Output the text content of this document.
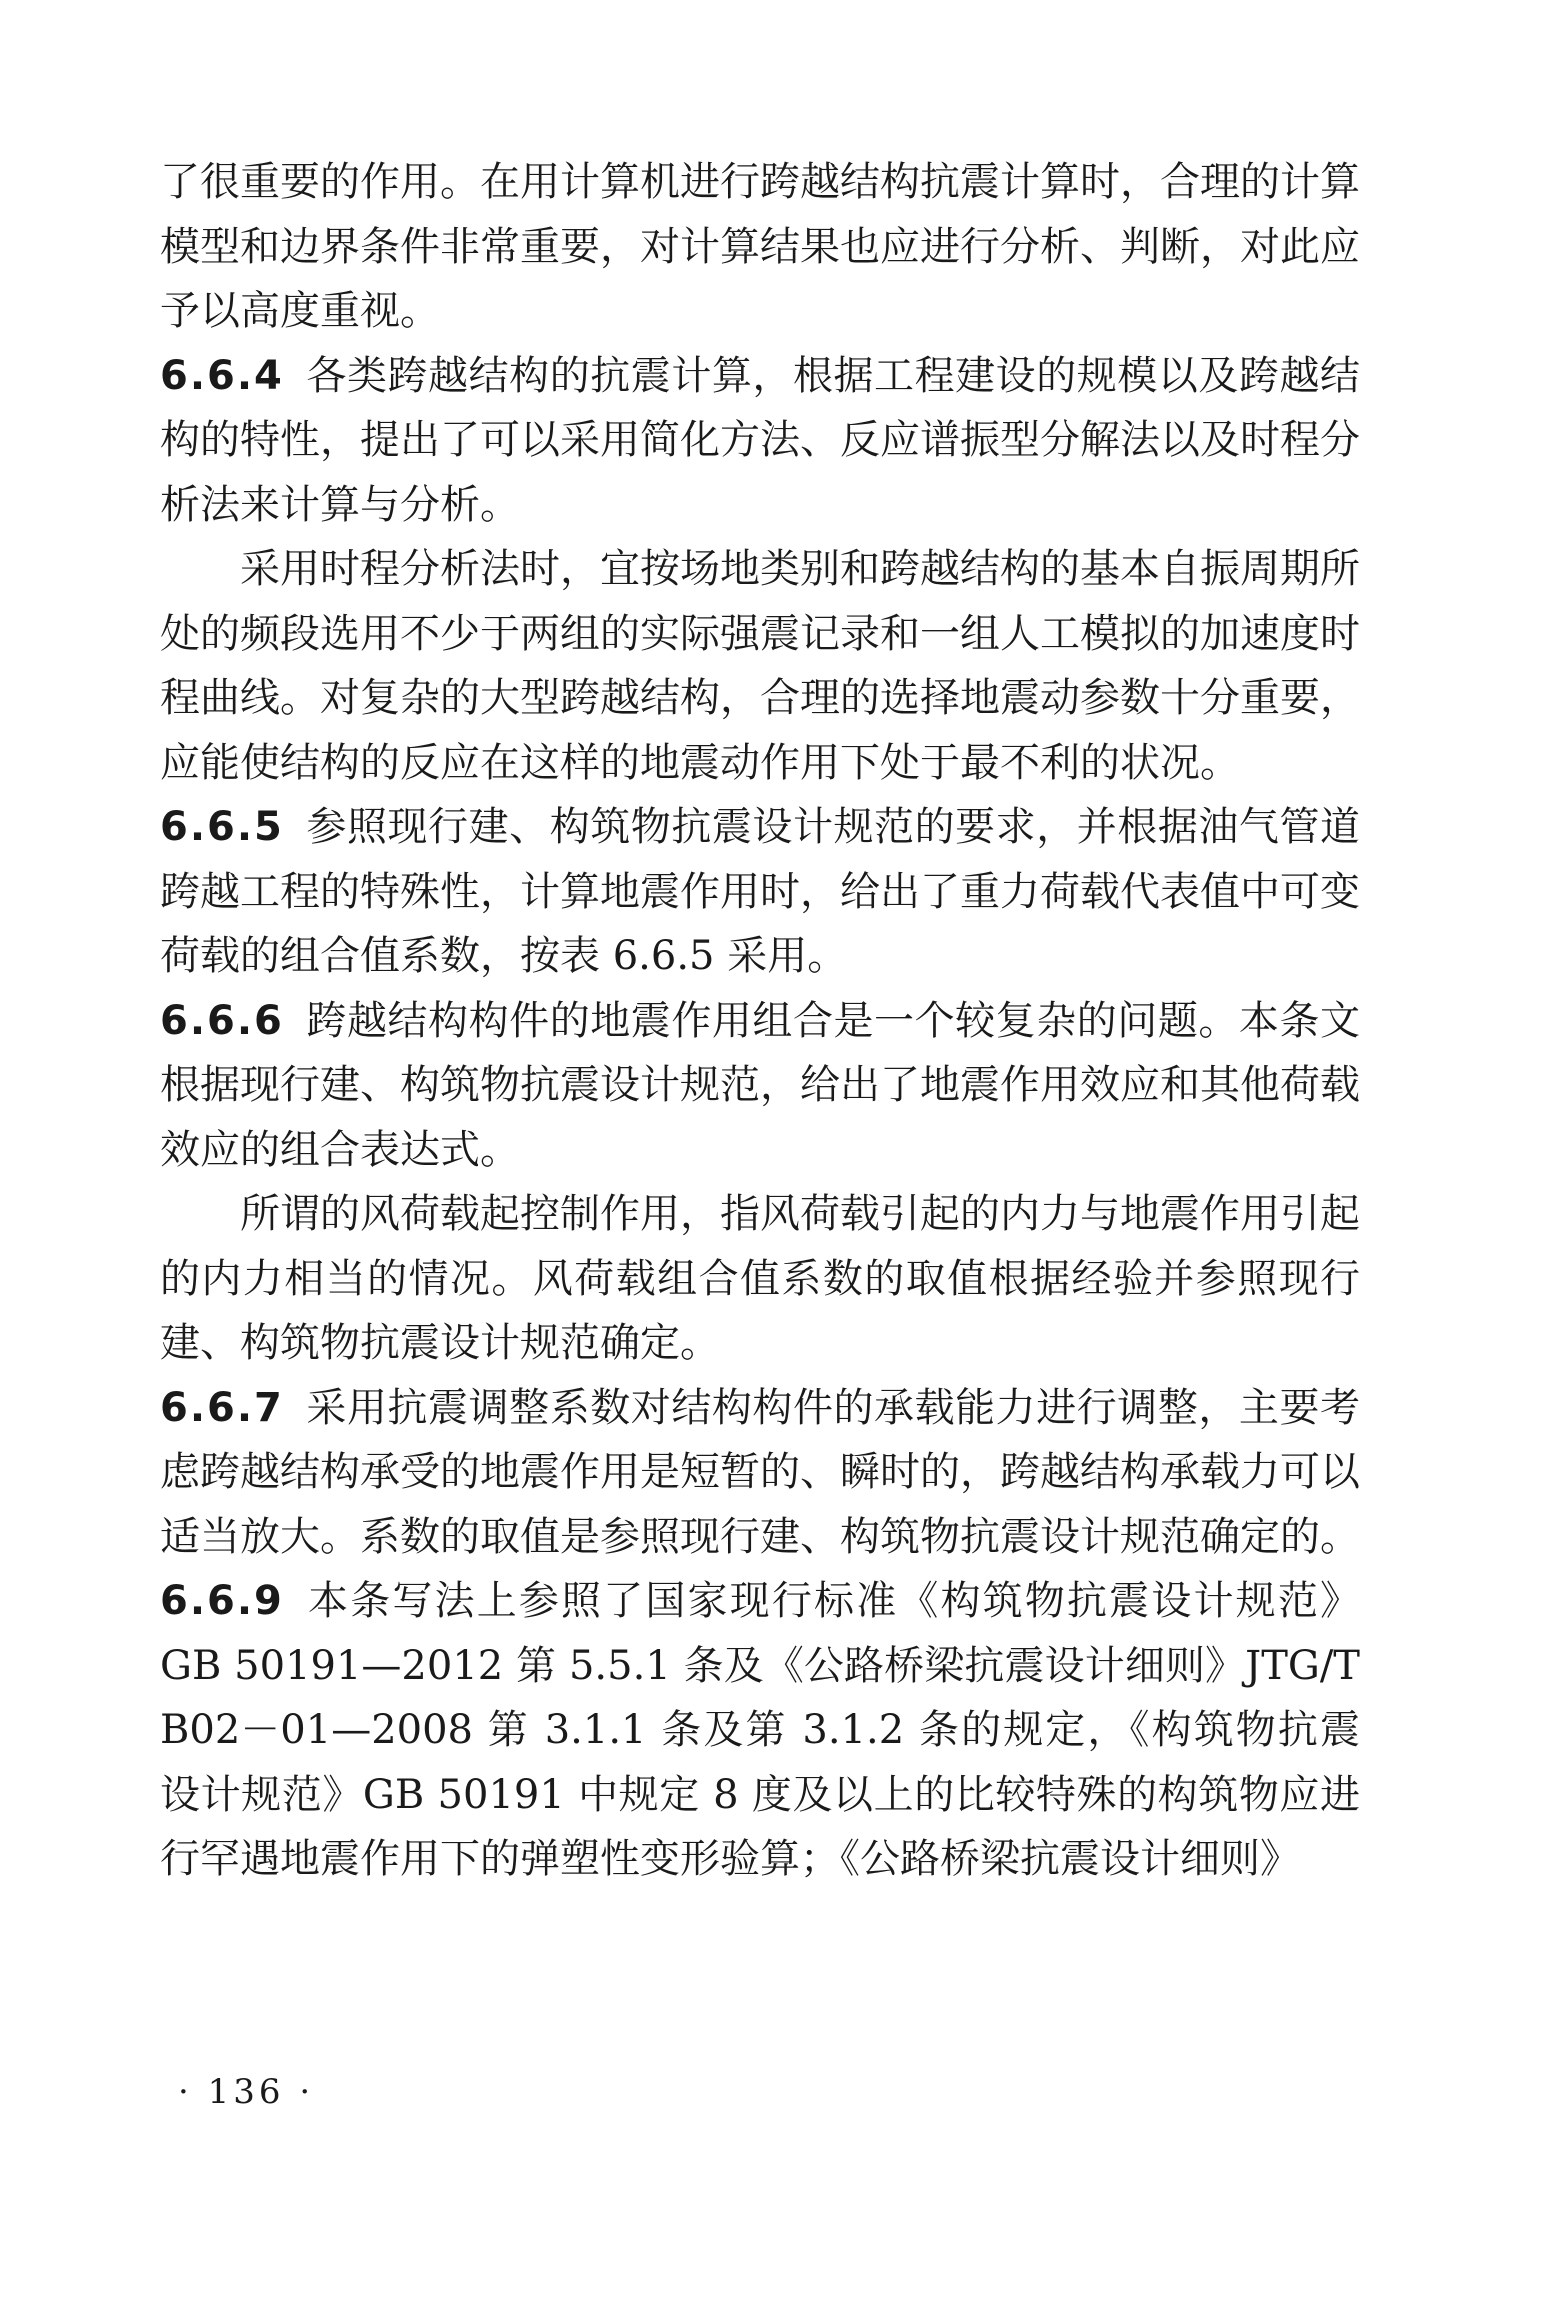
了很重要的作用。在用计算机进行跨越结构抗震计算时，合理的计算模型和边界条件非常重要，对计算结果也应进行分析、判断，对此应予以高度重视。

6.6.4 各类跨越结构的抗震计算，根据工程建设的规模以及跨越结构的特性，提出了可以采用简化方法、反应谱振型分解法以及时程分析法来计算与分析。

采用时程分析法时，宜按场地类别和跨越结构的基本自振周期所处的频段选用不少于两组的实际强震记录和一组人工模拟的加速度时程曲线。对复杂的大型跨越结构，合理的选择地震动参数十分重要，应能使结构的反应在这样的地震动作用下处于最不利的状况。

6.6.5 参照现行建、构筑物抗震设计规范的要求，并根据油气管道跨越工程的特殊性，计算地震作用时，给出了重力荷载代表值中可变荷载的组合值系数，按表 6.6.5 采用。

6.6.6 跨越结构构件的地震作用组合是一个较复杂的问题。本条文根据现行建、构筑物抗震设计规范，给出了地震作用效应和其他荷载效应的组合表达式。

所谓的风荷载起控制作用，指风荷载引起的内力与地震作用引起的内力相当的情况。风荷载组合值系数的取值根据经验并参照现行建、构筑物抗震设计规范确定。

6.6.7 采用抗震调整系数对结构构件的承载能力进行调整，主要考虑跨越结构承受的地震作用是短暂的、瞬时的，跨越结构承载力可以适当放大。系数的取值是参照现行建、构筑物抗震设计规范确定的。

6.6.9 本条写法上参照了国家现行标准《构筑物抗震设计规范》GB 50191—2012 第 5.5.1 条及《公路桥梁抗震设计细则》JTG/T B02－01—2008 第 3.1.1 条及第 3.1.2 条的规定，《构筑物抗震设计规范》GB 50191 中规定 8 度及以上的比较特殊的构筑物应进行罕遇地震作用下的弹塑性变形验算；《公路桥梁抗震设计细则》

· 136 ·
